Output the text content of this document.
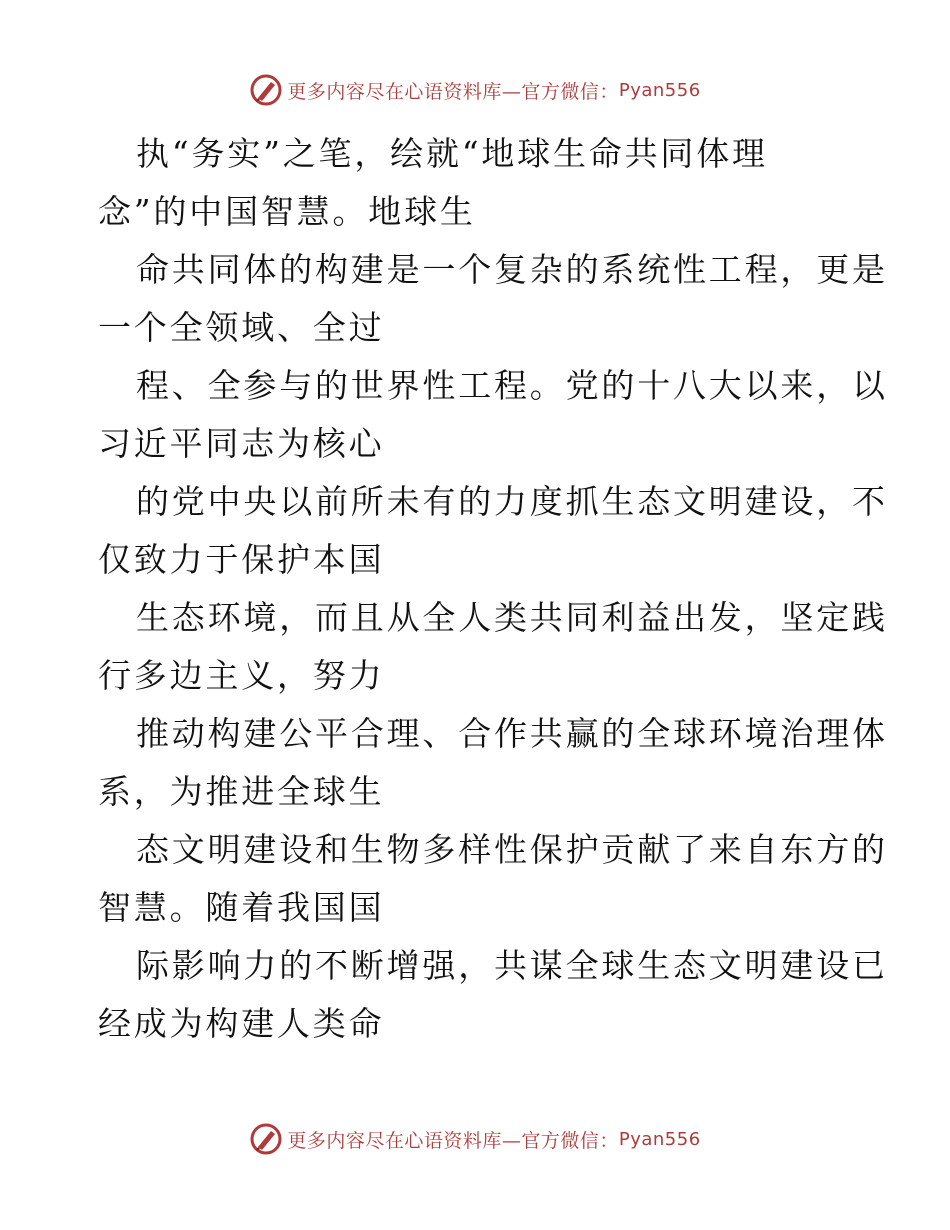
更多内容尽在心语资料库—官方微信： Pyan556
执“务实”之笔，绘就“地球生命共同体理
念”的中国智慧。地球生
命共同体的构建是一个复杂的系统性工程，更是
一个全领域、全过
程、全参与的世界性工程。党的十八大以来，以
习近平同志为核心
的党中央以前所未有的力度抓生态文明建设，不
仅致力于保护本国
生态环境，而且从全人类共同利益出发，坚定践
行多边主义，努力
推动构建公平合理、合作共赢的全球环境治理体
系，为推进全球生
态文明建设和生物多样性保护贡献了来自东方的
智慧。随着我国国
际影响力的不断增强，共谋全球生态文明建设已
经成为构建人类命
更多内容尽在心语资料库—官方微信： Pyan556
